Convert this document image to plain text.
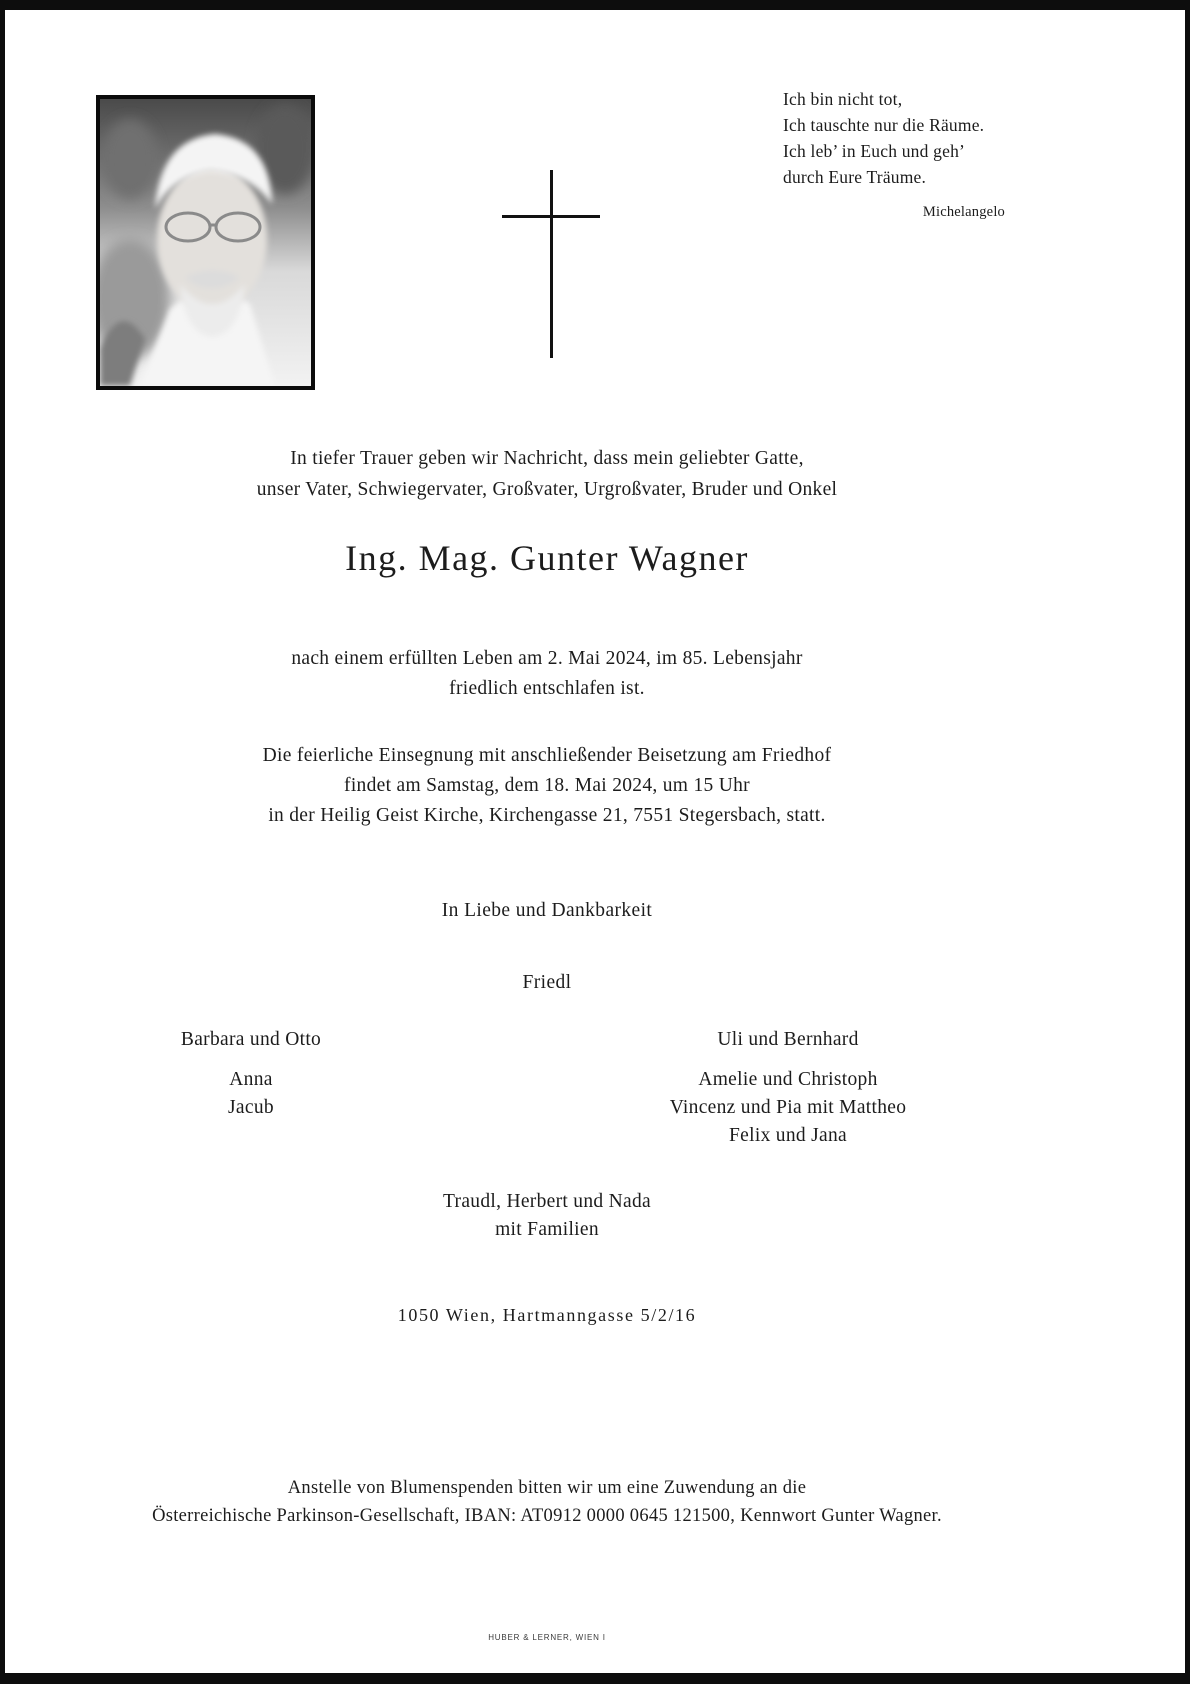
Ich bin nicht tot,
Ich tauschte nur die Räume.
Ich leb’ in Euch und geh’
durch Eure Träume.
Michelangelo
In tiefer Trauer geben wir Nachricht, dass mein geliebter Gatte,
unser Vater, Schwiegervater, Großvater, Urgroßvater, Bruder und Onkel
Ing. Mag. Gunter Wagner
nach einem erfüllten Leben am 2. Mai 2024, im 85. Lebensjahr
friedlich entschlafen ist.
Die feierliche Einsegnung mit anschließender Beisetzung am Friedhof
findet am Samstag, dem 18. Mai 2024, um 15 Uhr
in der Heilig Geist Kirche, Kirchengasse 21, 7551 Stegersbach, statt.
In Liebe und Dankbarkeit
Friedl
Barbara und Otto
Anna
Jacub
Uli und Bernhard
Amelie und Christoph
Vincenz und Pia mit Mattheo
Felix und Jana
Traudl, Herbert und Nada
mit Familien
1050 Wien, Hartmanngasse 5/2/16
Anstelle von Blumenspenden bitten wir um eine Zuwendung an die
Österreichische Parkinson-Gesellschaft, IBAN: AT0912 0000 0645 121500, Kennwort Gunter Wagner.
HUBER & LERNER, WIEN I
